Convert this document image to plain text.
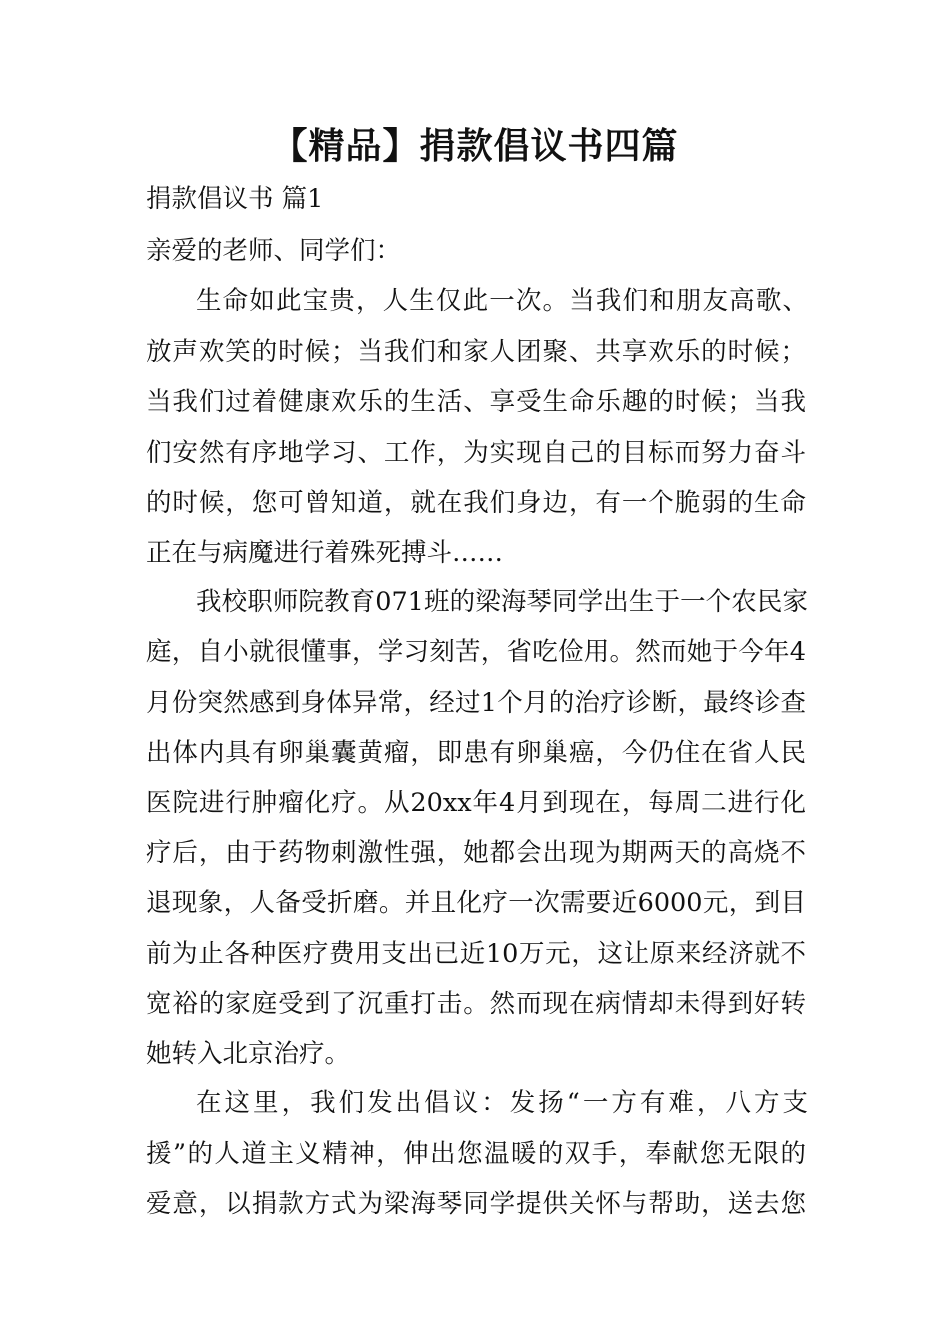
【精品】捐款倡议书四篇

捐款倡议书 篇1

亲爱的老师、同学们：

生命如此宝贵，人生仅此一次。当我们和朋友高歌、

放声欢笑的时候；当我们和家人团聚、共享欢乐的时候；

当我们过着健康欢乐的生活、享受生命乐趣的时候；当我

们安然有序地学习、工作，为实现自己的目标而努力奋斗

的时候，您可曾知道，就在我们身边，有一个脆弱的生命

正在与病魔进行着殊死搏斗……

我校职师院教育071班的梁海琴同学出生于一个农民家

庭，自小就很懂事，学习刻苦，省吃俭用。然而她于今年4

月份突然感到身体异常，经过1个月的治疗诊断，最终诊查

出体内具有卵巢囊黄瘤，即患有卵巢癌，今仍住在省人民

医院进行肿瘤化疗。从20xx年4月到现在，每周二进行化

疗后，由于药物刺激性强，她都会出现为期两天的高烧不

退现象，人备受折磨。并且化疗一次需要近6000元，到目

前为止各种医疗费用支出已近10万元，这让原来经济就不

宽裕的家庭受到了沉重打击。然而现在病情却未得到好转

她转入北京治疗。

在这里，我们发出倡议：发扬“一方有难，八方支

援”的人道主义精神，伸出您温暖的双手，奉献您无限的

爱意，以捐款方式为梁海琴同学提供关怀与帮助，送去您
